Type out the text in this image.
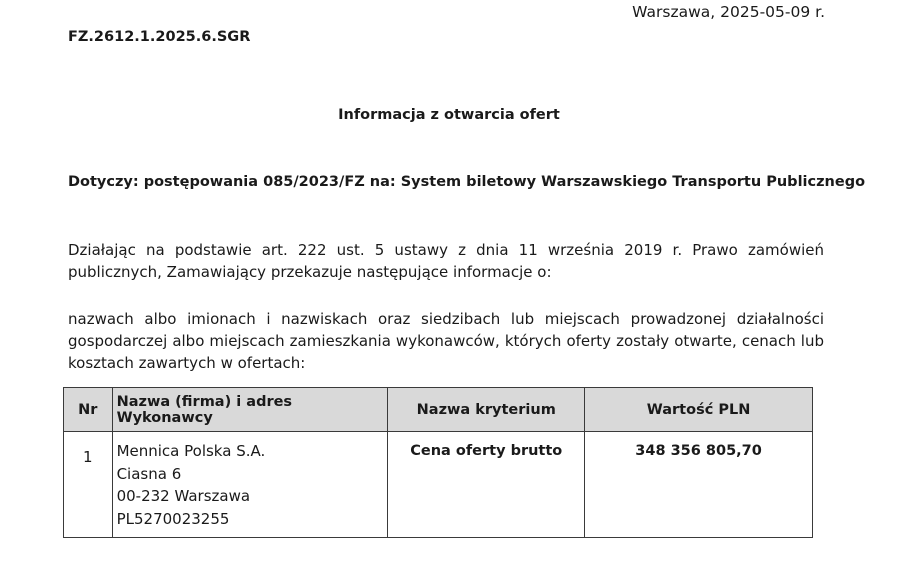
Warszawa, 2025-05-09 r.
FZ.2612.1.2025.6.SGR
Informacja z otwarcia ofert
Dotyczy: postępowania 085/2023/FZ na: System biletowy Warszawskiego Transportu Publicznego
Działając na podstawie art. 222 ust. 5 ustawy z dnia 11 września 2019 r. Prawo zamówień publicznych, Zamawiający przekazuje następujące informacje o:
nazwach albo imionach i nazwiskach oraz siedzibach lub miejscach prowadzonej działalności gospodarczej albo miejscach zamieszkania wykonawców, których oferty zostały otwarte, cenach lub kosztach zawartych w ofertach:
Nr	Nazwa (firma) i adres Wykonawcy	Nazwa kryterium	Wartość PLN
1	Mennica Polska S.A.
Ciasna 6
00-232 Warszawa
PL5270023255	Cena oferty brutto	348 356 805,70
